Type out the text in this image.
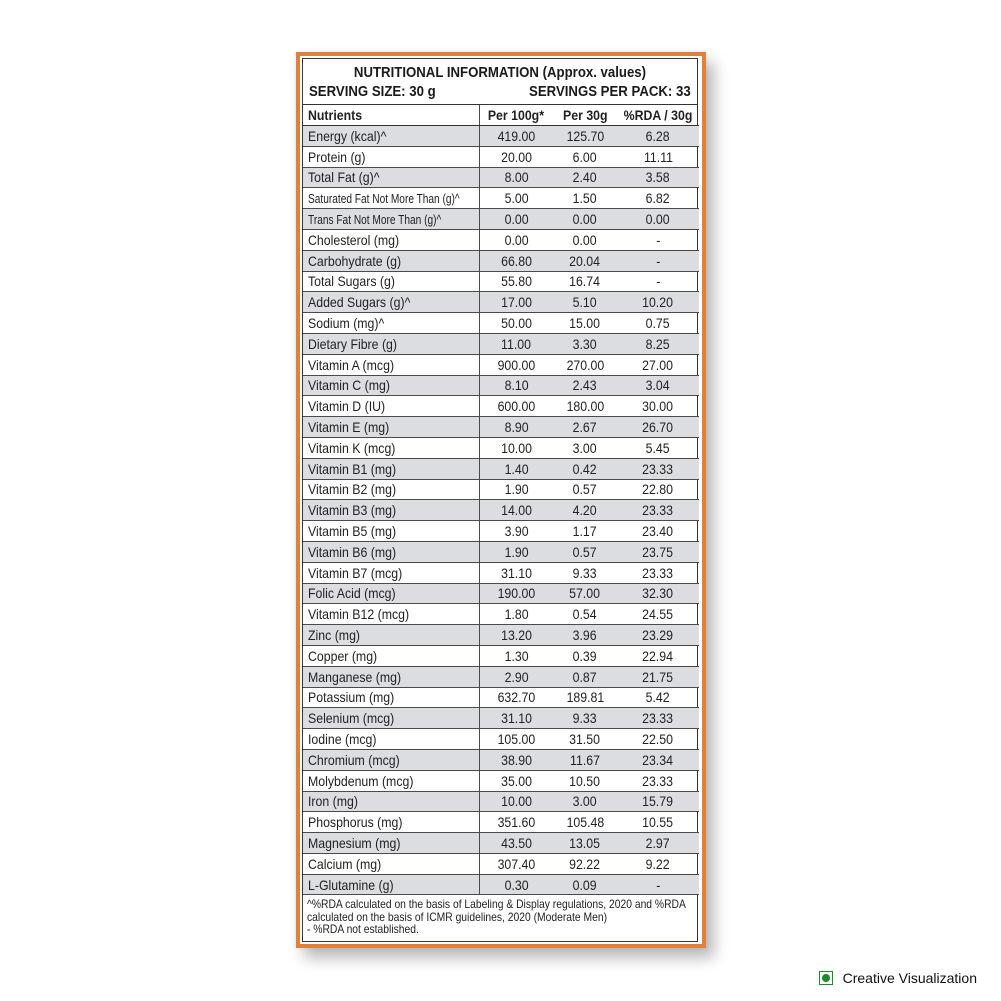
NUTRITIONAL INFORMATION (Approx. values)
SERVING SIZE: 30 g	SERVINGS PER PACK: 33
Nutrients	Per 100g*	Per 30g	%RDA / 30g
Energy (kcal)^	419.00	125.70	6.28
Protein (g)	20.00	6.00	11.11
Total Fat (g)^	8.00	2.40	3.58
Saturated Fat Not More Than (g)^	5.00	1.50	6.82
Trans Fat Not More Than (g)^	0.00	0.00	0.00
Cholesterol (mg)	0.00	0.00	-
Carbohydrate (g)	66.80	20.04	-
Total Sugars (g)	55.80	16.74	-
Added Sugars (g)^	17.00	5.10	10.20
Sodium (mg)^	50.00	15.00	0.75
Dietary Fibre (g)	11.00	3.30	8.25
Vitamin A (mcg)	900.00	270.00	27.00
Vitamin C (mg)	8.10	2.43	3.04
Vitamin D (IU)	600.00	180.00	30.00
Vitamin E (mg)	8.90	2.67	26.70
Vitamin K (mcg)	10.00	3.00	5.45
Vitamin B1 (mg)	1.40	0.42	23.33
Vitamin B2 (mg)	1.90	0.57	22.80
Vitamin B3 (mg)	14.00	4.20	23.33
Vitamin B5 (mg)	3.90	1.17	23.40
Vitamin B6 (mg)	1.90	0.57	23.75
Vitamin B7 (mcg)	31.10	9.33	23.33
Folic Acid (mcg)	190.00	57.00	32.30
Vitamin B12 (mcg)	1.80	0.54	24.55
Zinc (mg)	13.20	3.96	23.29
Copper (mg)	1.30	0.39	22.94
Manganese (mg)	2.90	0.87	21.75
Potassium (mg)	632.70	189.81	5.42
Selenium (mcg)	31.10	9.33	23.33
Iodine (mcg)	105.00	31.50	22.50
Chromium (mcg)	38.90	11.67	23.34
Molybdenum (mcg)	35.00	10.50	23.33
Iron (mg)	10.00	3.00	15.79
Phosphorus (mg)	351.60	105.48	10.55
Magnesium (mg)	43.50	13.05	2.97
Calcium (mg)	307.40	92.22	9.22
L-Glutamine (g)	0.30	0.09	-
^%RDA calculated on the basis of Labeling & Display regulations, 2020 and %RDA
calculated on the basis of ICMR guidelines, 2020 (Moderate Men)
- %RDA not established.
Creative Visualization
